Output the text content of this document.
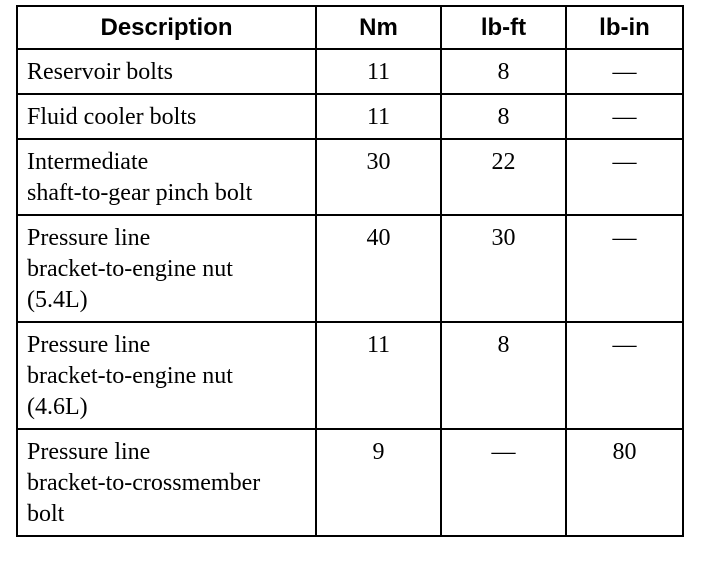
Description	Nm	lb-ft	lb-in

Reservoir bolts	11	8	—

Fluid cooler bolts	11	8	—

Intermediate
shaft-to-gear pinch bolt	30	22	—

Pressure line
bracket-to-engine nut
(5.4L)	40	30	—

Pressure line
bracket-to-engine nut
(4.6L)	11	8	—

Pressure line
bracket-to-crossmember
bolt	9	—	80
